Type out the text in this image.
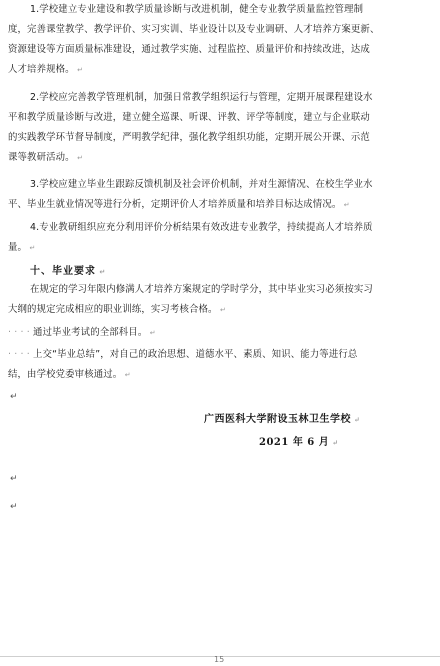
1.学校建立专业建设和教学质量诊断与改进机制，健全专业教学质量监控管理制
度，完善课堂教学、教学评价、实习实训、毕业设计以及专业调研、人才培养方案更新、
资源建设等方面质量标准建设，通过教学实施、过程监控、质量评价和持续改进，达成
人才培养规格。 ↵
2.学校应完善教学管理机制，加强日常教学组织运行与管理，定期开展课程建设水
平和教学质量诊断与改进，建立健全巡课、听课、评教、评学等制度，建立与企业联动
的实践教学环节督导制度，严明教学纪律，强化教学组织功能，定期开展公开课、示范
课等教研活动。 ↵
3.学校应建立毕业生跟踪反馈机制及社会评价机制，并对生源情况、在校生学业水
平、毕业生就业情况等进行分析，定期评价人才培养质量和培养目标达成情况。 ↵
4.专业教研组织应充分利用评价分析结果有效改进专业教学，持续提高人才培养质
量。 ↵
十、毕业要求 ↵
在规定的学习年限内修满人才培养方案规定的学时学分，其中毕业实习必须按实习
大纲的规定完成相应的职业训练，实习考核合格。 ↵
· · · · 通过毕业考试的全部科目。 ↵
· · · · 上交“毕业总结”，对自己的政治思想、道德水平、素质、知识、能力等进行总
结，由学校党委审核通过。 ↵
↵
广西医科大学附设玉林卫生学校 ↵
2021 年 6 月 ↵
↵
↵
15
